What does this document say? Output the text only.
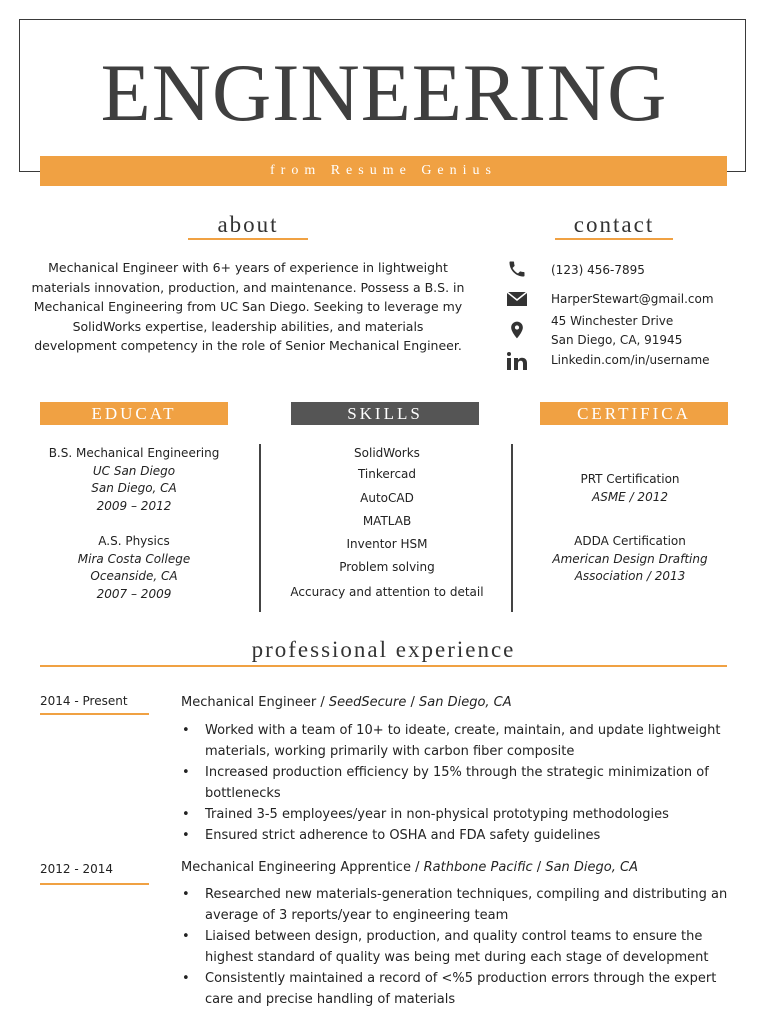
ENGINEERING
from Resume Genius
about
Mechanical Engineer with 6+ years of experience in lightweight
materials innovation, production, and maintenance. Possess a B.S. in
Mechanical Engineering from UC San Diego. Seeking to leverage my
SolidWorks expertise, leadership abilities, and materials
development competency in the role of Senior Mechanical Engineer.
contact
(123) 456-7895
HarperStewart@gmail.com
45 Winchester Drive
San Diego, CA, 91945
Linkedin.com/in/username
EDUCAT	SKILLS	CERTIFICA
B.S. Mechanical Engineering
UC San Diego
San Diego, CA
2009 – 2012
A.S. Physics
Mira Costa College
Oceanside, CA
2007 – 2009
SolidWorks
Tinkercad
AutoCAD
MATLAB
Inventor HSM
Problem solving
Accuracy and attention to detail
PRT Certification
ASME / 2012
ADDA Certification
American Design Drafting
Association / 2013
professional experience
2014 - Present	Mechanical Engineer / SeedSecure / San Diego, CA
• Worked with a team of 10+ to ideate, create, maintain, and update lightweight materials, working primarily with carbon fiber composite
• Increased production efficiency by 15% through the strategic minimization of bottlenecks
• Trained 3-5 employees/year in non-physical prototyping methodologies
• Ensured strict adherence to OSHA and FDA safety guidelines
2012 - 2014	Mechanical Engineering Apprentice / Rathbone Pacific / San Diego, CA
• Researched new materials-generation techniques, compiling and distributing an average of 3 reports/year to engineering team
• Liaised between design, production, and quality control teams to ensure the highest standard of quality was being met during each stage of development
• Consistently maintained a record of <%5 production errors through the expert care and precise handling of materials
